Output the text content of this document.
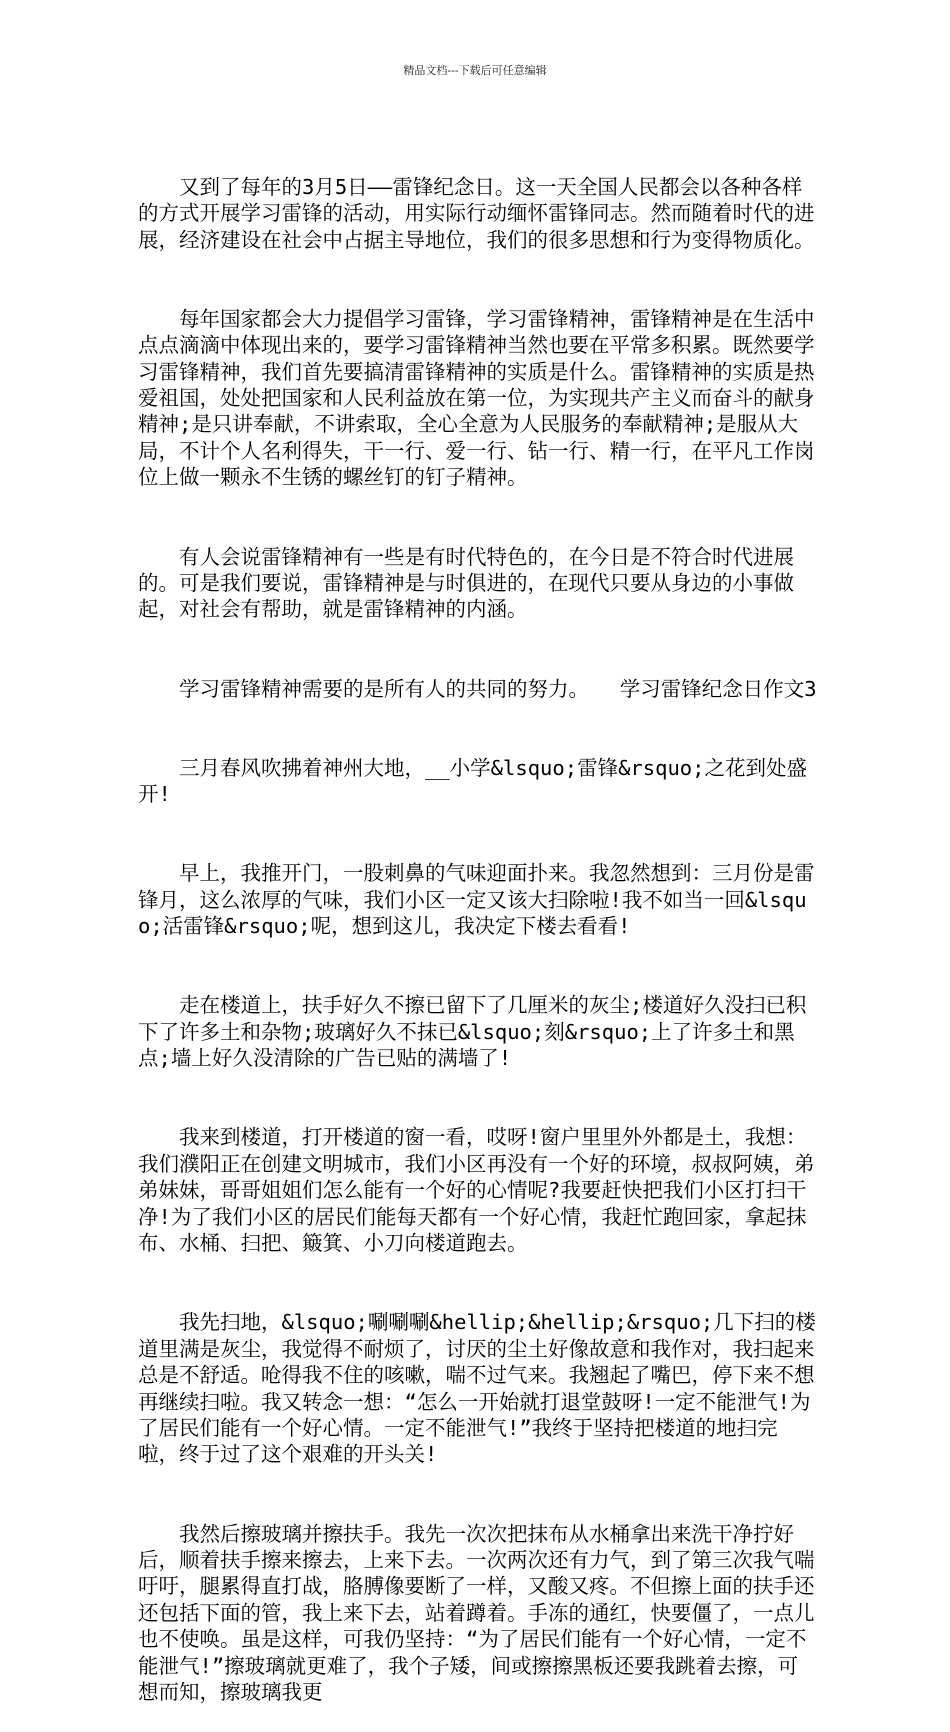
精品文档---下载后可任意编辑

又到了每年的3月5日——雷锋纪念日。这一天全国人民都会以各种各样的方式开展学习雷锋的活动，用实际行动缅怀雷锋同志。然而随着时代的进展，经济建设在社会中占据主导地位，我们的很多思想和行为变得物质化。

每年国家都会大力提倡学习雷锋，学习雷锋精神，雷锋精神是在生活中点点滴滴中体现出来的，要学习雷锋精神当然也要在平常多积累。既然要学习雷锋精神，我们首先要搞清雷锋精神的实质是什么。雷锋精神的实质是热爱祖国，处处把国家和人民利益放在第一位，为实现共产主义而奋斗的献身精神;是只讲奉献，不讲索取，全心全意为人民服务的奉献精神;是服从大局，不计个人名利得失，干一行、爱一行、钻一行、精一行，在平凡工作岗位上做一颗永不生锈的螺丝钉的钉子精神。

有人会说雷锋精神有一些是有时代特色的，在今日是不符合时代进展的。可是我们要说，雷锋精神是与时俱进的，在现代只要从身边的小事做起，对社会有帮助，就是雷锋精神的内涵。

学习雷锋精神需要的是所有人的共同的努力。　　学习雷锋纪念日作文3

三月春风吹拂着神州大地，__小学&lsquo;雷锋&rsquo;之花到处盛开!

早上，我推开门，一股刺鼻的气味迎面扑来。我忽然想到：三月份是雷锋月，这么浓厚的气味，我们小区一定又该大扫除啦!我不如当一回&lsquo;活雷锋&rsquo;呢，想到这儿，我决定下楼去看看!

走在楼道上，扶手好久不擦已留下了几厘米的灰尘;楼道好久没扫已积下了许多土和杂物;玻璃好久不抹已&lsquo;刻&rsquo;上了许多土和黑点;墙上好久没清除的广告已贴的满墙了!

我来到楼道，打开楼道的窗一看，哎呀!窗户里里外外都是土，我想：我们濮阳正在创建文明城市，我们小区再没有一个好的环境，叔叔阿姨，弟弟妹妹，哥哥姐姐们怎么能有一个好的心情呢?我要赶快把我们小区打扫干净!为了我们小区的居民们能每天都有一个好心情，我赶忙跑回家，拿起抹布、水桶、扫把、簸箕、小刀向楼道跑去。

我先扫地，&lsquo;唰唰唰&hellip;&hellip;&rsquo;几下扫的楼道里满是灰尘，我觉得不耐烦了，讨厌的尘土好像故意和我作对，我扫起来总是不舒适。呛得我不住的咳嗽，喘不过气来。我翘起了嘴巴，停下来不想再继续扫啦。我又转念一想：“怎么一开始就打退堂鼓呀!一定不能泄气!为了居民们能有一个好心情。一定不能泄气!”我终于坚持把楼道的地扫完啦，终于过了这个艰难的开头关!

我然后擦玻璃并擦扶手。我先一次次把抹布从水桶拿出来洗干净拧好后，顺着扶手擦来擦去，上来下去。一次两次还有力气，到了第三次我气喘吁吁，腿累得直打战，胳膊像要断了一样，又酸又疼。不但擦上面的扶手还还包括下面的管，我上来下去，站着蹲着。手冻的通红，快要僵了，一点儿也不使唤。虽是这样，可我仍坚持：“为了居民们能有一个好心情，一定不能泄气!”擦玻璃就更难了，我个子矮，间或擦擦黑板还要我跳着去擦，可想而知，擦玻璃我更
